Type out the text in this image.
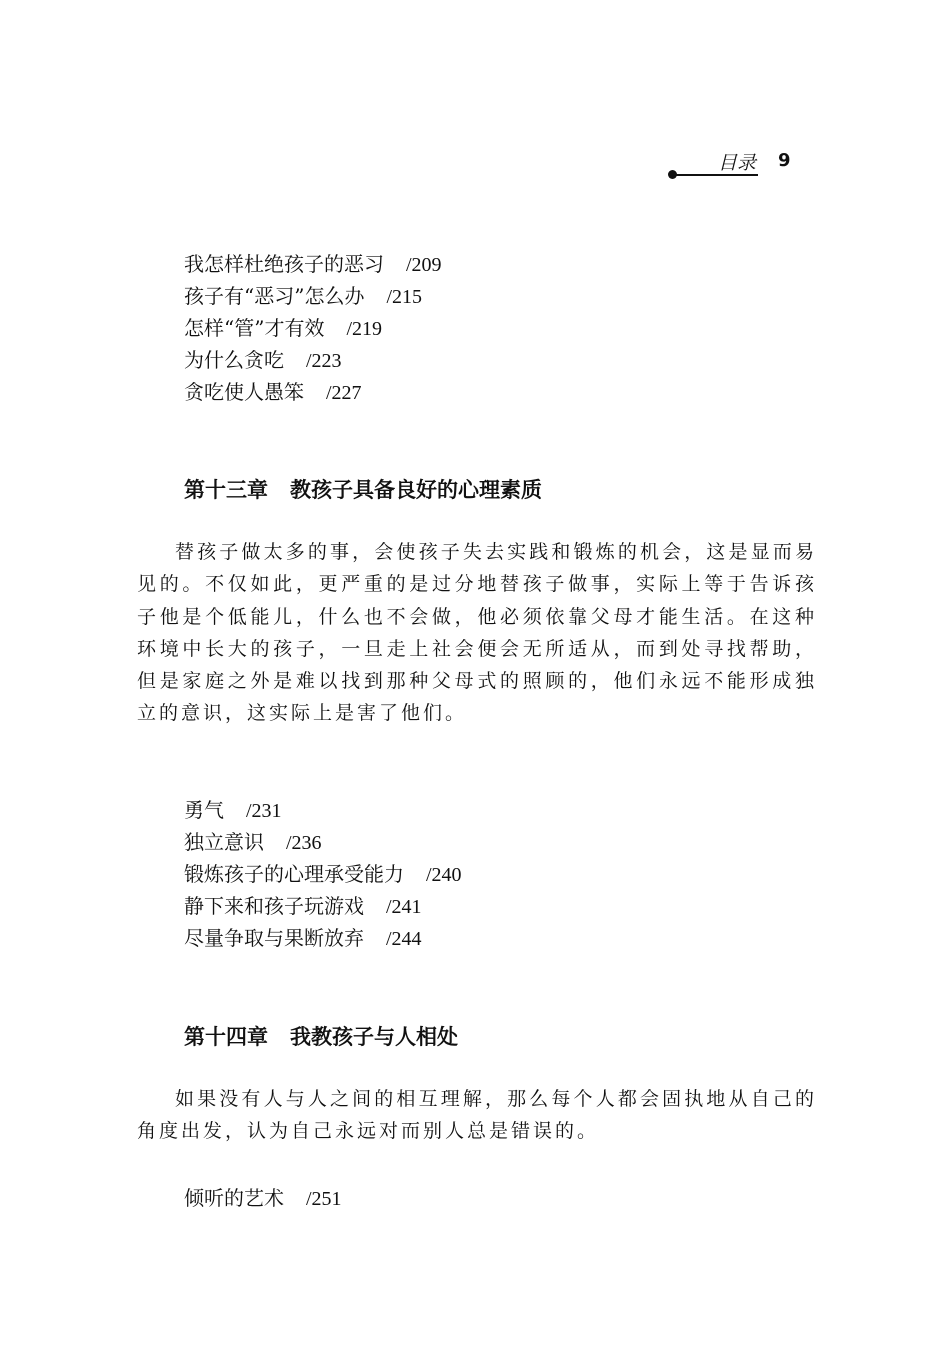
目录 9
我怎样杜绝孩子的恶习 /209
孩子有“恶习”怎么办 /215
怎样“管”才有效 /219
为什么贪吃 /223
贪吃使人愚笨 /227
第十三章 教孩子具备良好的心理素质

替孩子做太多的事，会使孩子失去实践和锻炼的机会，这是显而易见的。不仅如此，更严重的是过分地替孩子做事，实际上等于告诉孩子他是个低能儿，什么也不会做，他必须依靠父母才能生活。在这种环境中长大的孩子，一旦走上社会便会无所适从，而到处寻找帮助，但是家庭之外是难以找到那种父母式的照顾的，他们永远不能形成独立的意识，这实际上是害了他们。

勇气 /231
独立意识 /236
锻炼孩子的心理承受能力 /240
静下来和孩子玩游戏 /241
尽量争取与果断放弃 /244
第十四章 我教孩子与人相处

如果没有人与人之间的相互理解，那么每个人都会固执地从自己的角度出发，认为自己永远对而别人总是错误的。

倾听的艺术 /251
